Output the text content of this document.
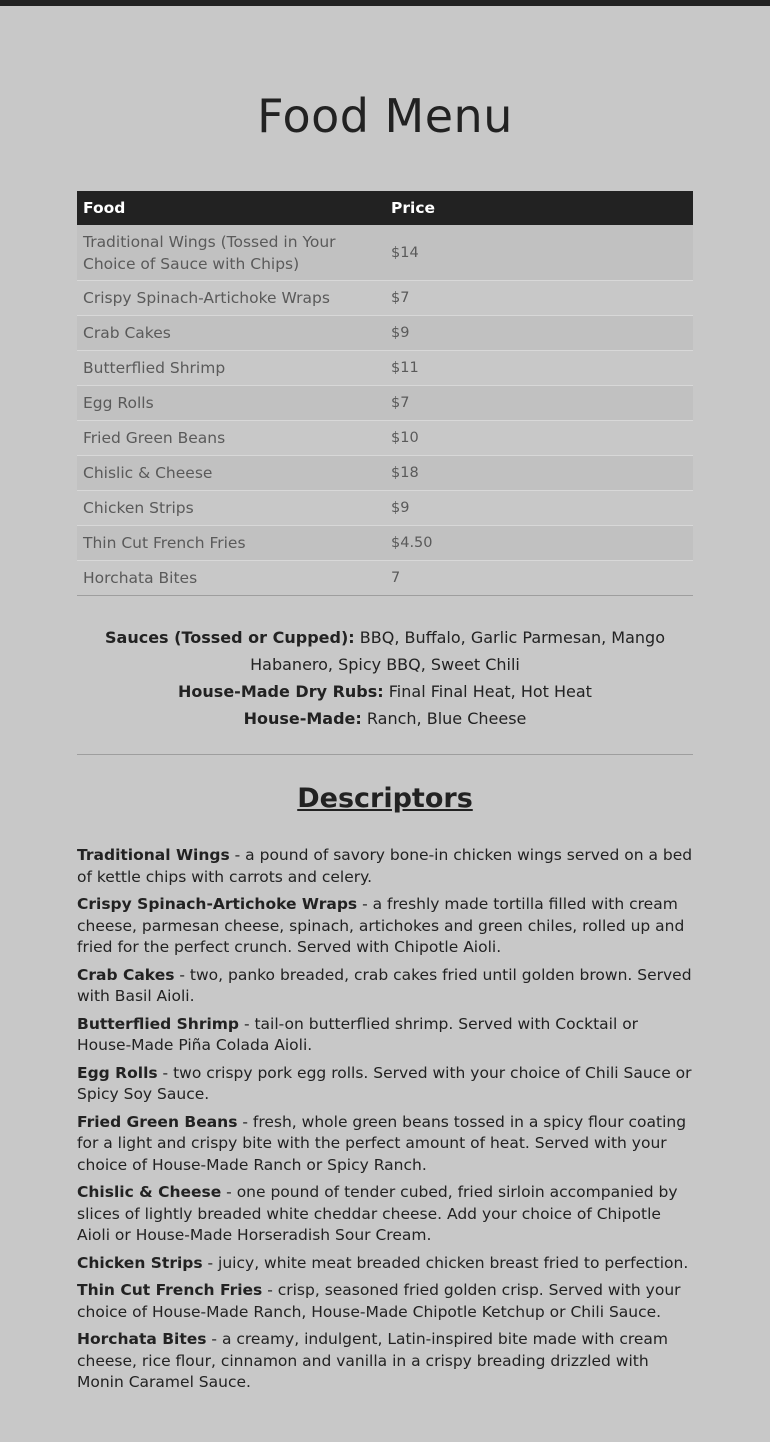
Food Menu
Food	Price
Traditional Wings (Tossed in Your Choice of Sauce with Chips)	$14
Crispy Spinach-Artichoke Wraps	$7
Crab Cakes	$9
Butterflied Shrimp	$11
Egg Rolls	$7
Fried Green Beans	$10
Chislic & Cheese	$18
Chicken Strips	$9
Thin Cut French Fries	$4.50
Horchata Bites	7
Sauces (Tossed or Cupped): BBQ, Buffalo, Garlic Parmesan, Mango Habanero, Spicy BBQ, Sweet Chili
House-Made Dry Rubs: Final Final Heat, Hot Heat
House-Made: Ranch, Blue Cheese
Descriptors

Traditional Wings - a pound of savory bone-in chicken wings served on a bed of kettle chips with carrots and celery.

Crispy Spinach-Artichoke Wraps - a freshly made tortilla filled with cream cheese, parmesan cheese, spinach, artichokes and green chiles, rolled up and fried for the perfect crunch. Served with Chipotle Aioli.

Crab Cakes - two, panko breaded, crab cakes fried until golden brown. Served with Basil Aioli.

Butterflied Shrimp - tail-on butterflied shrimp. Served with Cocktail or House-Made Piña Colada Aioli.

Egg Rolls - two crispy pork egg rolls. Served with your choice of Chili Sauce or Spicy Soy Sauce.

Fried Green Beans - fresh, whole green beans tossed in a spicy flour coating for a light and crispy bite with the perfect amount of heat. Served with your choice of House-Made Ranch or Spicy Ranch.

Chislic & Cheese - one pound of tender cubed, fried sirloin accompanied by slices of lightly breaded white cheddar cheese. Add your choice of Chipotle Aioli or House-Made Horseradish Sour Cream.

Chicken Strips - juicy, white meat breaded chicken breast fried to perfection.

Thin Cut French Fries - crisp, seasoned fried golden crisp. Served with your choice of House-Made Ranch, House-Made Chipotle Ketchup or Chili Sauce.

Horchata Bites - a creamy, indulgent, Latin-inspired bite made with cream cheese, rice flour, cinnamon and vanilla in a crispy breading drizzled with Monin Caramel Sauce.
